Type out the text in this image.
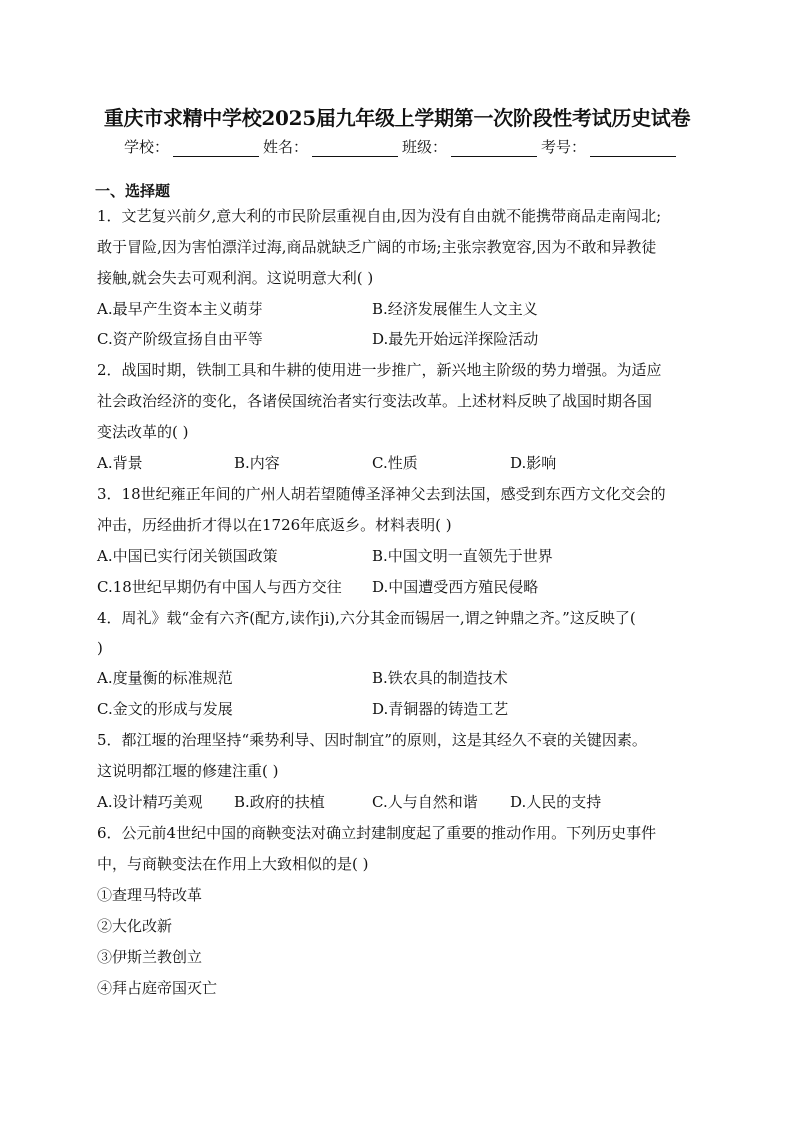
重庆市求精中学校2025届九年级上学期第一次阶段性考试历史试卷
学校：	姓名：	班级：	考号：
一、选择题
1．文艺复兴前夕,意大利的市民阶层重视自由,因为没有自由就不能携带商品走南闯北;
敢于冒险,因为害怕漂洋过海,商品就缺乏广阔的市场;主张宗教宽容,因为不敢和异教徒
接触,就会失去可观利润。这说明意大利( )
A.最早产生资本主义萌芽	B.经济发展催生人文主义
C.资产阶级宣扬自由平等	D.最先开始远洋探险活动
2．战国时期，铁制工具和牛耕的使用进一步推广，新兴地主阶级的势力增强。为适应
社会政治经济的变化，各诸侯国统治者实行变法改革。上述材料反映了战国时期各国
变法改革的( )
A.背景	B.内容	C.性质	D.影响
3．18世纪雍正年间的广州人胡若望随傅圣泽神父去到法国，感受到东西方文化交会的
冲击，历经曲折才得以在1726年底返乡。材料表明( )
A.中国已实行闭关锁国政策	B.中国文明一直领先于世界
C.18世纪早期仍有中国人与西方交往 D.中国遭受西方殖民侵略
4．周礼》载“金有六齐(配方,读作ji),六分其金而锡居一,谓之钟鼎之齐。”这反映了(
)
A.度量衡的标准规范	B.铁农具的制造技术
C.金文的形成与发展	D.青铜器的铸造工艺
5．都江堰的治理坚持“乘势利导、因时制宜”的原则，这是其经久不衰的关键因素。
这说明都江堰的修建注重( )
A.设计精巧美观 B.政府的扶植	C.人与自然和谐 D.人民的支持
6．公元前4世纪中国的商鞅变法对确立封建制度起了重要的推动作用。下列历史事件
中，与商鞅变法在作用上大致相似的是( )
①查理马特改革
②大化改新
③伊斯兰教创立
④拜占庭帝国灭亡
